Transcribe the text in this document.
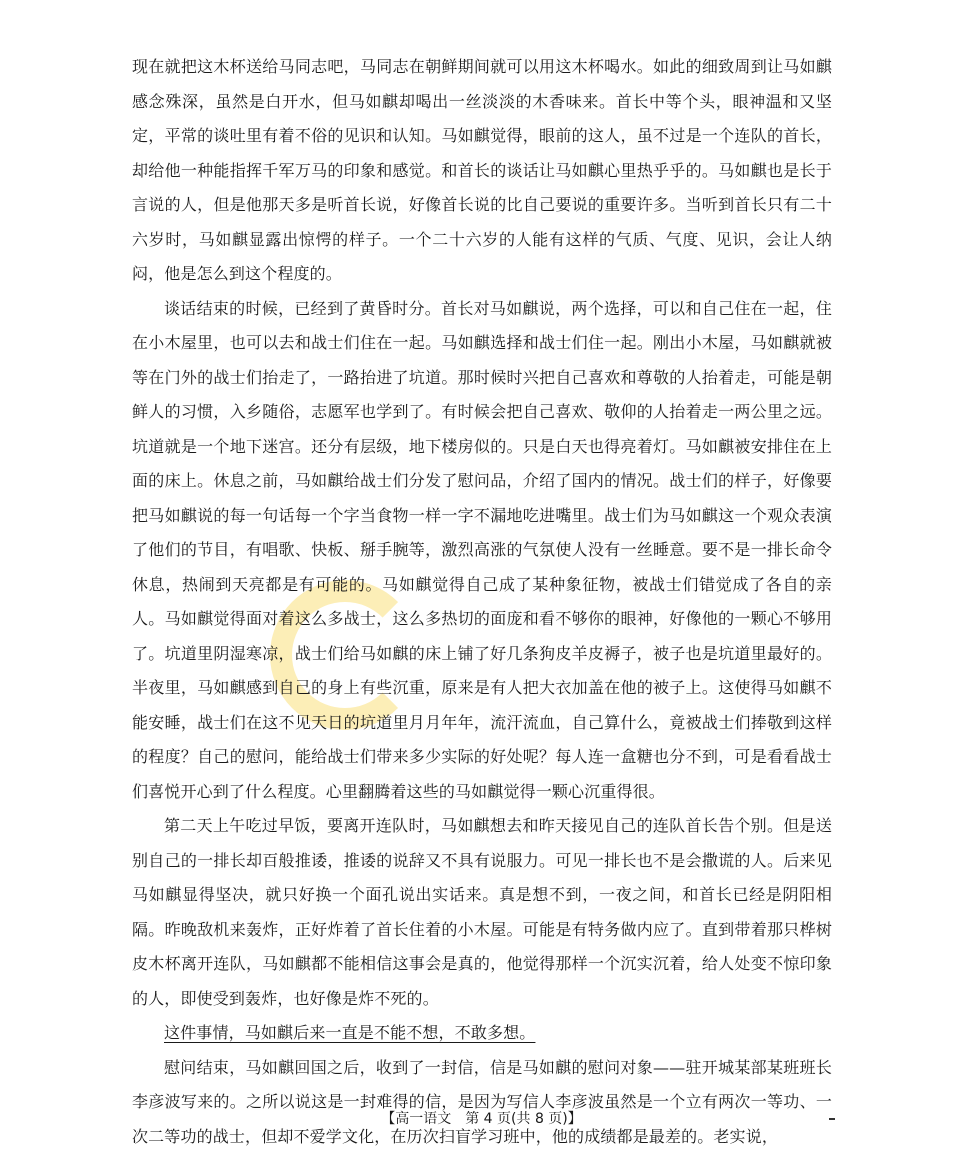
现在就把这木杯送给马同志吧，马同志在朝鲜期间就可以用这木杯喝水。如此的细致周到让马如麒感念殊深，虽然是白开水，但马如麒却喝出一丝淡淡的木香味来。首长中等个头，眼神温和又坚定，平常的谈吐里有着不俗的见识和认知。马如麒觉得，眼前的这人，虽不过是一个连队的首长，却给他一种能指挥千军万马的印象和感觉。和首长的谈话让马如麒心里热乎乎的。马如麒也是长于言说的人，但是他那天多是听首长说，好像首长说的比自己要说的重要许多。当听到首长只有二十六岁时，马如麒显露出惊愕的样子。一个二十六岁的人能有这样的气质、气度、见识，会让人纳闷，他是怎么到这个程度的。

谈话结束的时候，已经到了黄昏时分。首长对马如麒说，两个选择，可以和自己住在一起，住在小木屋里，也可以去和战士们住在一起。马如麒选择和战士们住一起。刚出小木屋，马如麒就被等在门外的战士们抬走了，一路抬进了坑道。那时候时兴把自己喜欢和尊敬的人抬着走，可能是朝鲜人的习惯，入乡随俗，志愿军也学到了。有时候会把自己喜欢、敬仰的人抬着走一两公里之远。坑道就是一个地下迷宫。还分有层级，地下楼房似的。只是白天也得亮着灯。马如麒被安排住在上面的床上。休息之前，马如麒给战士们分发了慰问品，介绍了国内的情况。战士们的样子，好像要把马如麒说的每一句话每一个字当食物一样一字不漏地吃进嘴里。战士们为马如麒这一个观众表演了他们的节目，有唱歌、快板、掰手腕等，激烈高涨的气氛使人没有一丝睡意。要不是一排长命令休息，热闹到天亮都是有可能的。马如麒觉得自己成了某种象征物，被战士们错觉成了各自的亲人。马如麒觉得面对着这么多战士，这么多热切的面庞和看不够你的眼神，好像他的一颗心不够用了。坑道里阴湿寒凉，战士们给马如麒的床上铺了好几条狗皮羊皮褥子，被子也是坑道里最好的。半夜里，马如麒感到自己的身上有些沉重，原来是有人把大衣加盖在他的被子上。这使得马如麒不能安睡，战士们在这不见天日的坑道里月月年年，流汗流血，自己算什么，竟被战士们捧敬到这样的程度？自己的慰问，能给战士们带来多少实际的好处呢？每人连一盒糖也分不到，可是看看战士们喜悦开心到了什么程度。心里翻腾着这些的马如麒觉得一颗心沉重得很。

第二天上午吃过早饭，要离开连队时，马如麒想去和昨天接见自己的连队首长告个别。但是送别自己的一排长却百般推诿，推诿的说辞又不具有说服力。可见一排长也不是会撒谎的人。后来见马如麒显得坚决，就只好换一个面孔说出实话来。真是想不到，一夜之间，和首长已经是阴阳相隔。昨晚敌机来轰炸，正好炸着了首长住着的小木屋。可能是有特务做内应了。直到带着那只桦树皮木杯离开连队，马如麒都不能相信这事会是真的，他觉得那样一个沉实沉着，给人处变不惊印象的人，即使受到轰炸，也好像是炸不死的。

这件事情，马如麒后来一直是不能不想，不敢多想。

慰问结束，马如麒回国之后，收到了一封信，信是马如麒的慰问对象——驻开城某部某班班长李彦波写来的。之所以说这是一封难得的信，是因为写信人李彦波虽然是一个立有两次一等功、一次二等功的战士，但却不爱学文化，在历次扫盲学习班中，他的成绩都是最差的。老实说，

【高一语文　第 4 页(共 8 页)】
